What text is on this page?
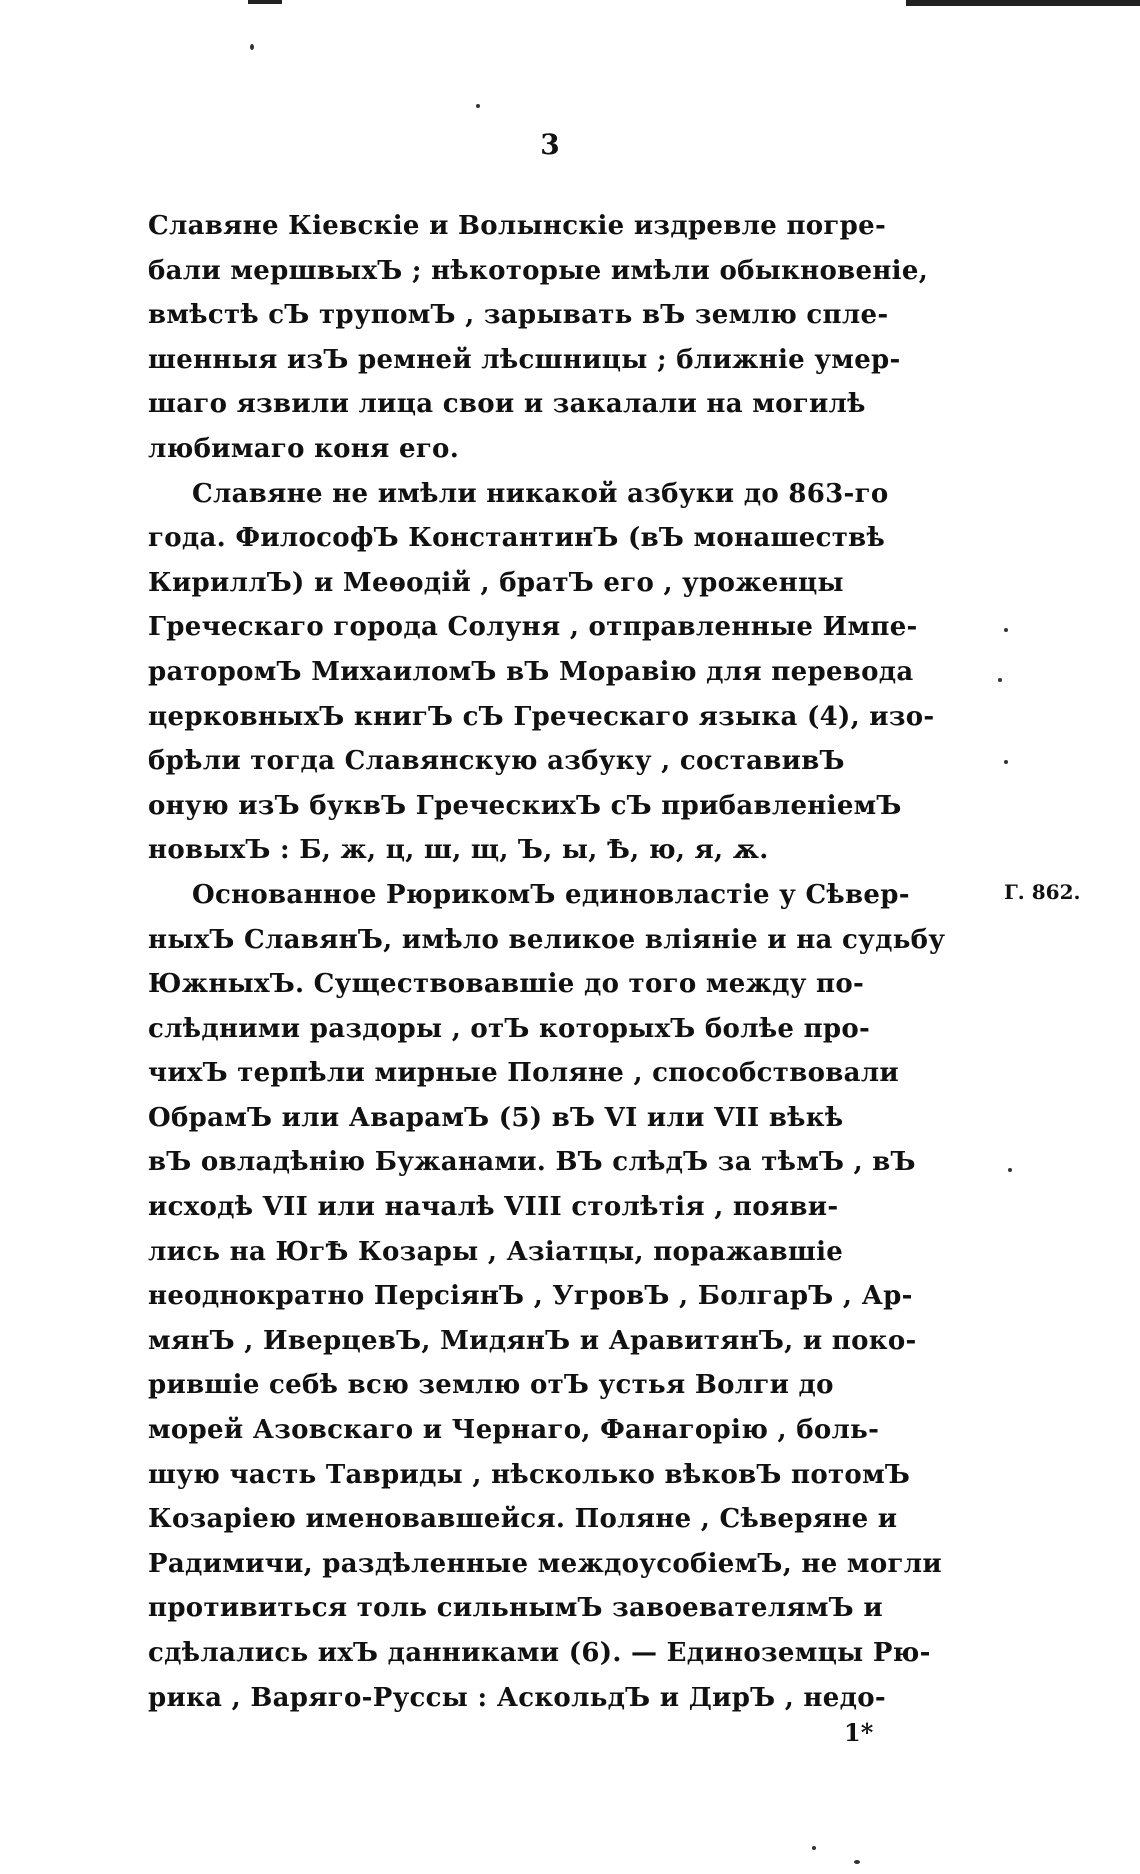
3
Славяне Кіевскіе и Волынскіе издревле погре-
бали мершвыхЪ ; нѣкоторые имѣли обыкновеніе,
вмѣстѣ сЪ трупомЪ , зарывать вЪ землю спле-
шенныя изЪ ремней лѣсшницы ; ближніе умер-
шаго язвили лица свои и закалали на могилѣ
любимаго коня его.
Славяне не имѣли никакой азбуки до 863-го
года. ФилософЪ КонстантинЪ (вЪ монашествѣ
КириллЪ) и Меѳодій , братЪ его , уроженцы
Греческаго города Солуня , отправленные Импе-
раторомЪ МихаиломЪ вЪ Моравію для перевода
церковныхЪ книгЪ сЪ Греческаго языка (4), изо-
брѣли тогда Славянскую азбуку , составивЪ
оную изЪ буквЪ ГреческихЪ сЪ прибавленіемЪ
новыхЪ : Б, ж, ц, ш, щ, Ъ, ы, Ѣ, ю, я, ѫ.
Основанное РюрикомЪ единовластіе у Сѣвер-
ныхЪ СлавянЪ, имѣло великое вліяніе и на судьбу
ЮжныхЪ. Существовавшіе до того между по-
слѣдними раздоры , отЪ которыхЪ болѣе про-
чихЪ терпѣли мирные Поляне , способствовали
ОбрамЪ или АварамЪ (5) вЪ VI или VII вѣкѣ
вЪ овладѣнію Бужанами. ВЪ слѣдЪ за тѣмЪ , вЪ
исходѣ VII или началѣ VIII столѣтія , появи-
лись на ЮгѢ Козары , Азіатцы, поражавшіе
неоднократно ПерсіянЪ , УгровЪ , БолгарЪ , Ар-
мянЪ , ИверцевЪ, МидянЪ и АравитянЪ, и поко-
рившіе себѣ всю землю отЪ устья Волги до
морей Азовскаго и Чернаго, Фанагорію , боль-
шую часть Тавриды , нѣсколько вѣковЪ потомЪ
Козаріею именовавшейся. Поляне , Сѣверяне и
Радимичи, раздѣленные междоусобіемЪ, не могли
противиться толь сильнымЪ завоевателямЪ и
сдѣлались ихЪ данниками (6). — Единоземцы Рю-
рика , Варяго-Руссы : АскольдЪ и ДирЪ , недо-
Г. 862.
1*
